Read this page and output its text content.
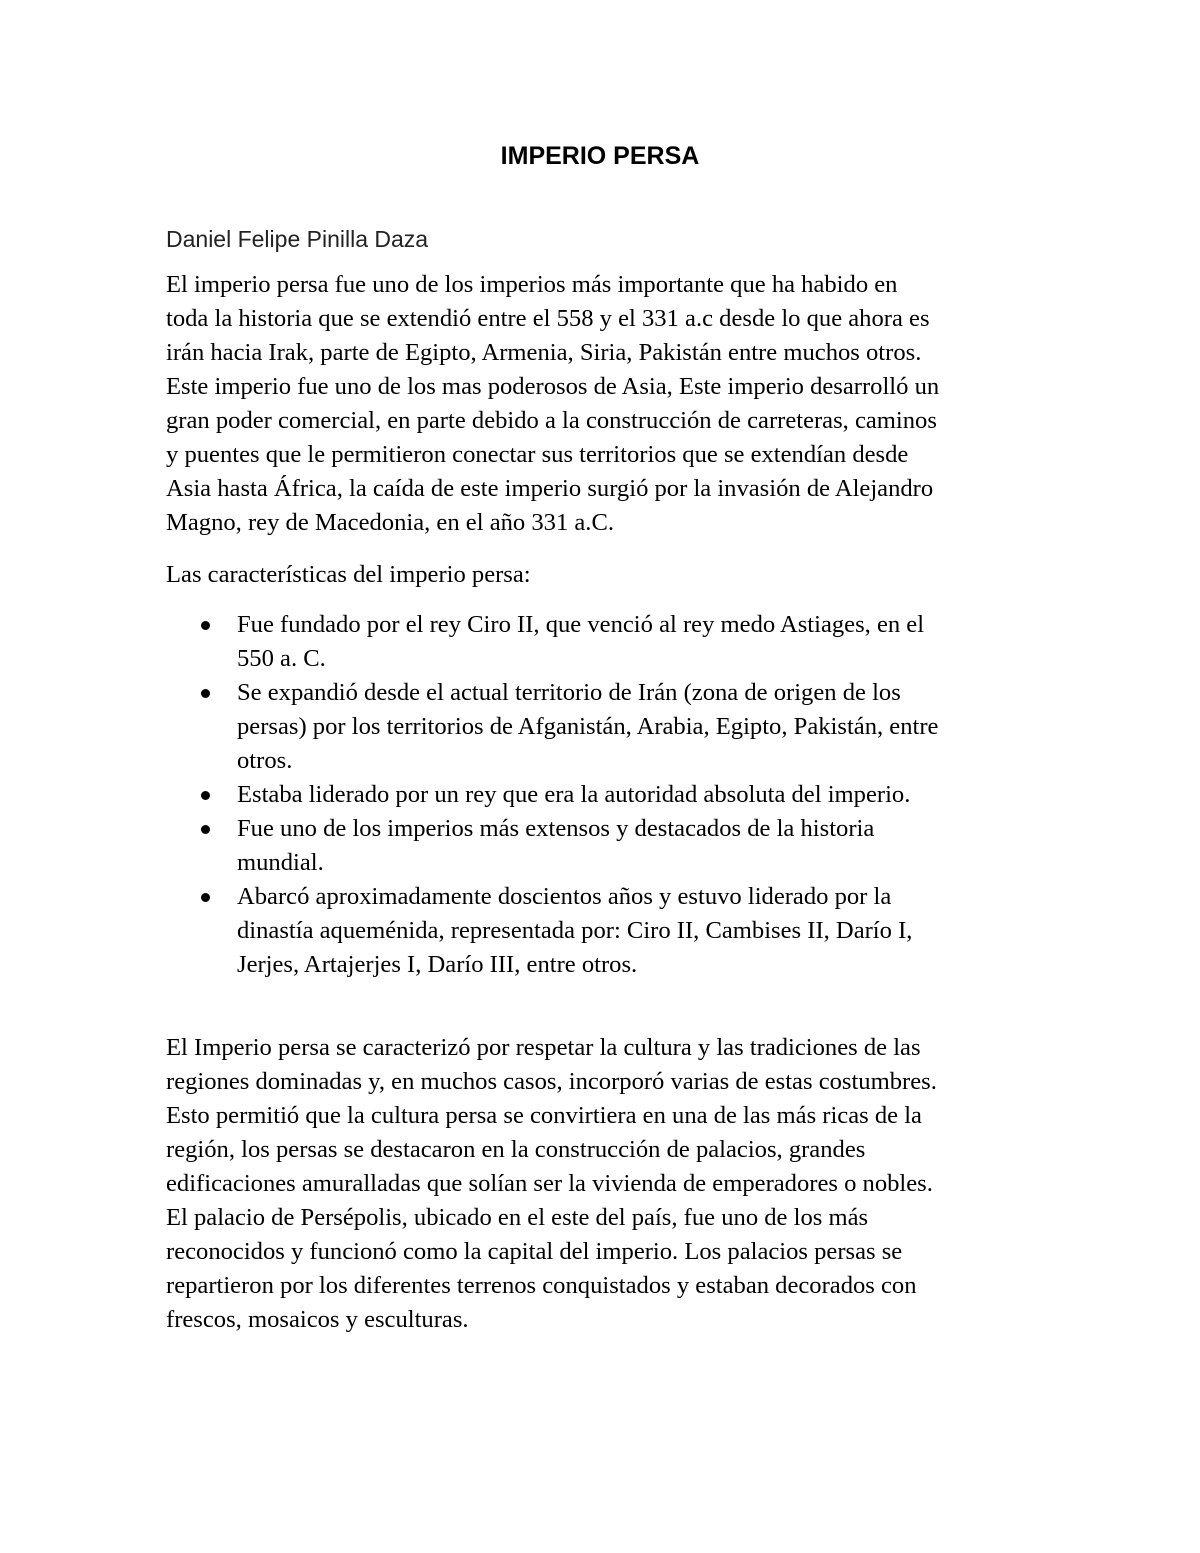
IMPERIO PERSA

Daniel Felipe Pinilla Daza

El imperio persa fue uno de los imperios más importante que ha habido en
toda la historia que se extendió entre el 558 y el 331 a.c desde lo que ahora es
irán hacia Irak, parte de Egipto, Armenia, Siria, Pakistán entre muchos otros.
Este imperio fue uno de los mas poderosos de Asia, Este imperio desarrolló un
gran poder comercial, en parte debido a la construcción de carreteras, caminos
y puentes que le permitieron conectar sus territorios que se extendían desde
Asia hasta África, la caída de este imperio surgió por la invasión de Alejandro
Magno, rey de Macedonia, en el año 331 a.C.

Las características del imperio persa:

Fue fundado por el rey Ciro II, que venció al rey medo Astiages, en el
550 a. C.
Se expandió desde el actual territorio de Irán (zona de origen de los
persas) por los territorios de Afganistán, Arabia, Egipto, Pakistán, entre
otros.
Estaba liderado por un rey que era la autoridad absoluta del imperio.
Fue uno de los imperios más extensos y destacados de la historia
mundial.
Abarcó aproximadamente doscientos años y estuvo liderado por la
dinastía aqueménida, representada por: Ciro II, Cambises II, Darío I,
Jerjes, Artajerjes I, Darío III, entre otros.

El Imperio persa se caracterizó por respetar la cultura y las tradiciones de las
regiones dominadas y, en muchos casos, incorporó varias de estas costumbres.
Esto permitió que la cultura persa se convirtiera en una de las más ricas de la
región, los persas se destacaron en la construcción de palacios, grandes
edificaciones amuralladas que solían ser la vivienda de emperadores o nobles.
El palacio de Persépolis, ubicado en el este del país, fue uno de los más
reconocidos y funcionó como la capital del imperio. Los palacios persas se
repartieron por los diferentes terrenos conquistados y estaban decorados con
frescos, mosaicos y esculturas.
